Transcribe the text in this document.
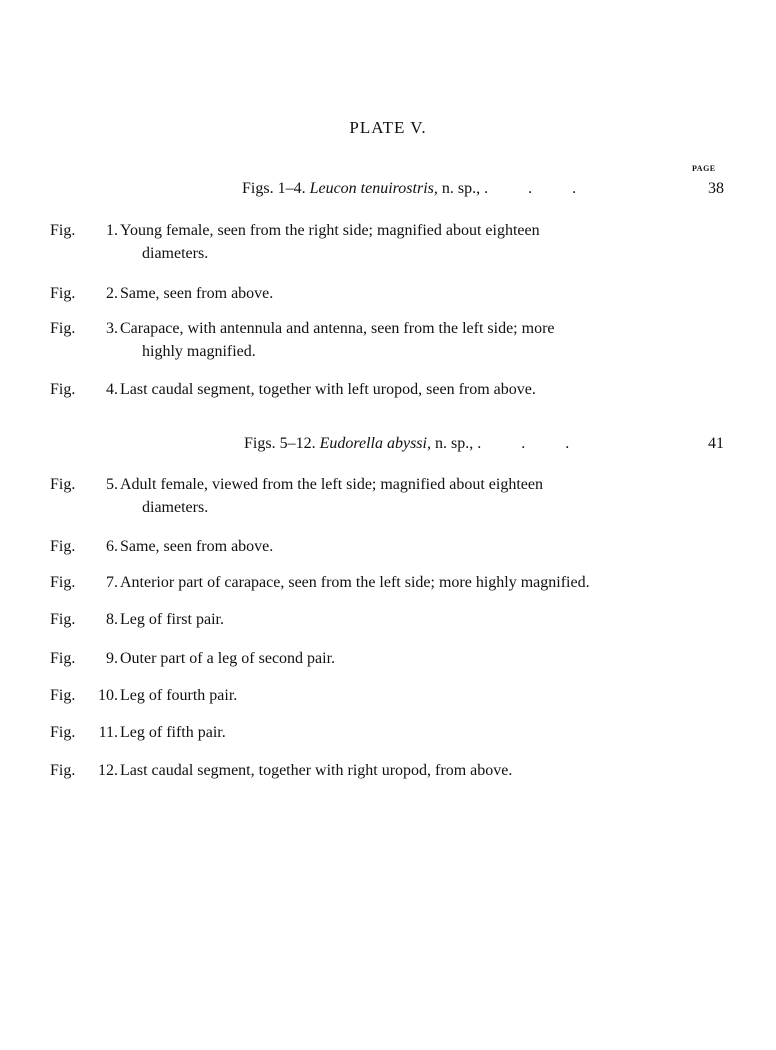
PLATE V.
PAGE
Figs. 1–4. Leucon tenuirostris, n. sp., .          .          .	38
Fig.	1. Young female, seen from the right side; magnified about eighteen
diameters.
Fig.	2. Same, seen from above.
Fig.	3. Carapace, with antennula and antenna, seen from the left side; more
highly magnified.
Fig.	4. Last caudal segment, together with left uropod, seen from above.
Figs. 5–12. Eudorella abyssi, n. sp., .          .          .	41
Fig.	5. Adult female, viewed from the left side; magnified about eighteen
diameters.
Fig.	6. Same, seen from above.
Fig.	7. Anterior part of carapace, seen from the left side; more highly magnified.
Fig.	8. Leg of first pair.
Fig.	9. Outer part of a leg of second pair.
Fig.	10. Leg of fourth pair.
Fig.	11. Leg of fifth pair.
Fig.	12. Last caudal segment, together with right uropod, from above.
